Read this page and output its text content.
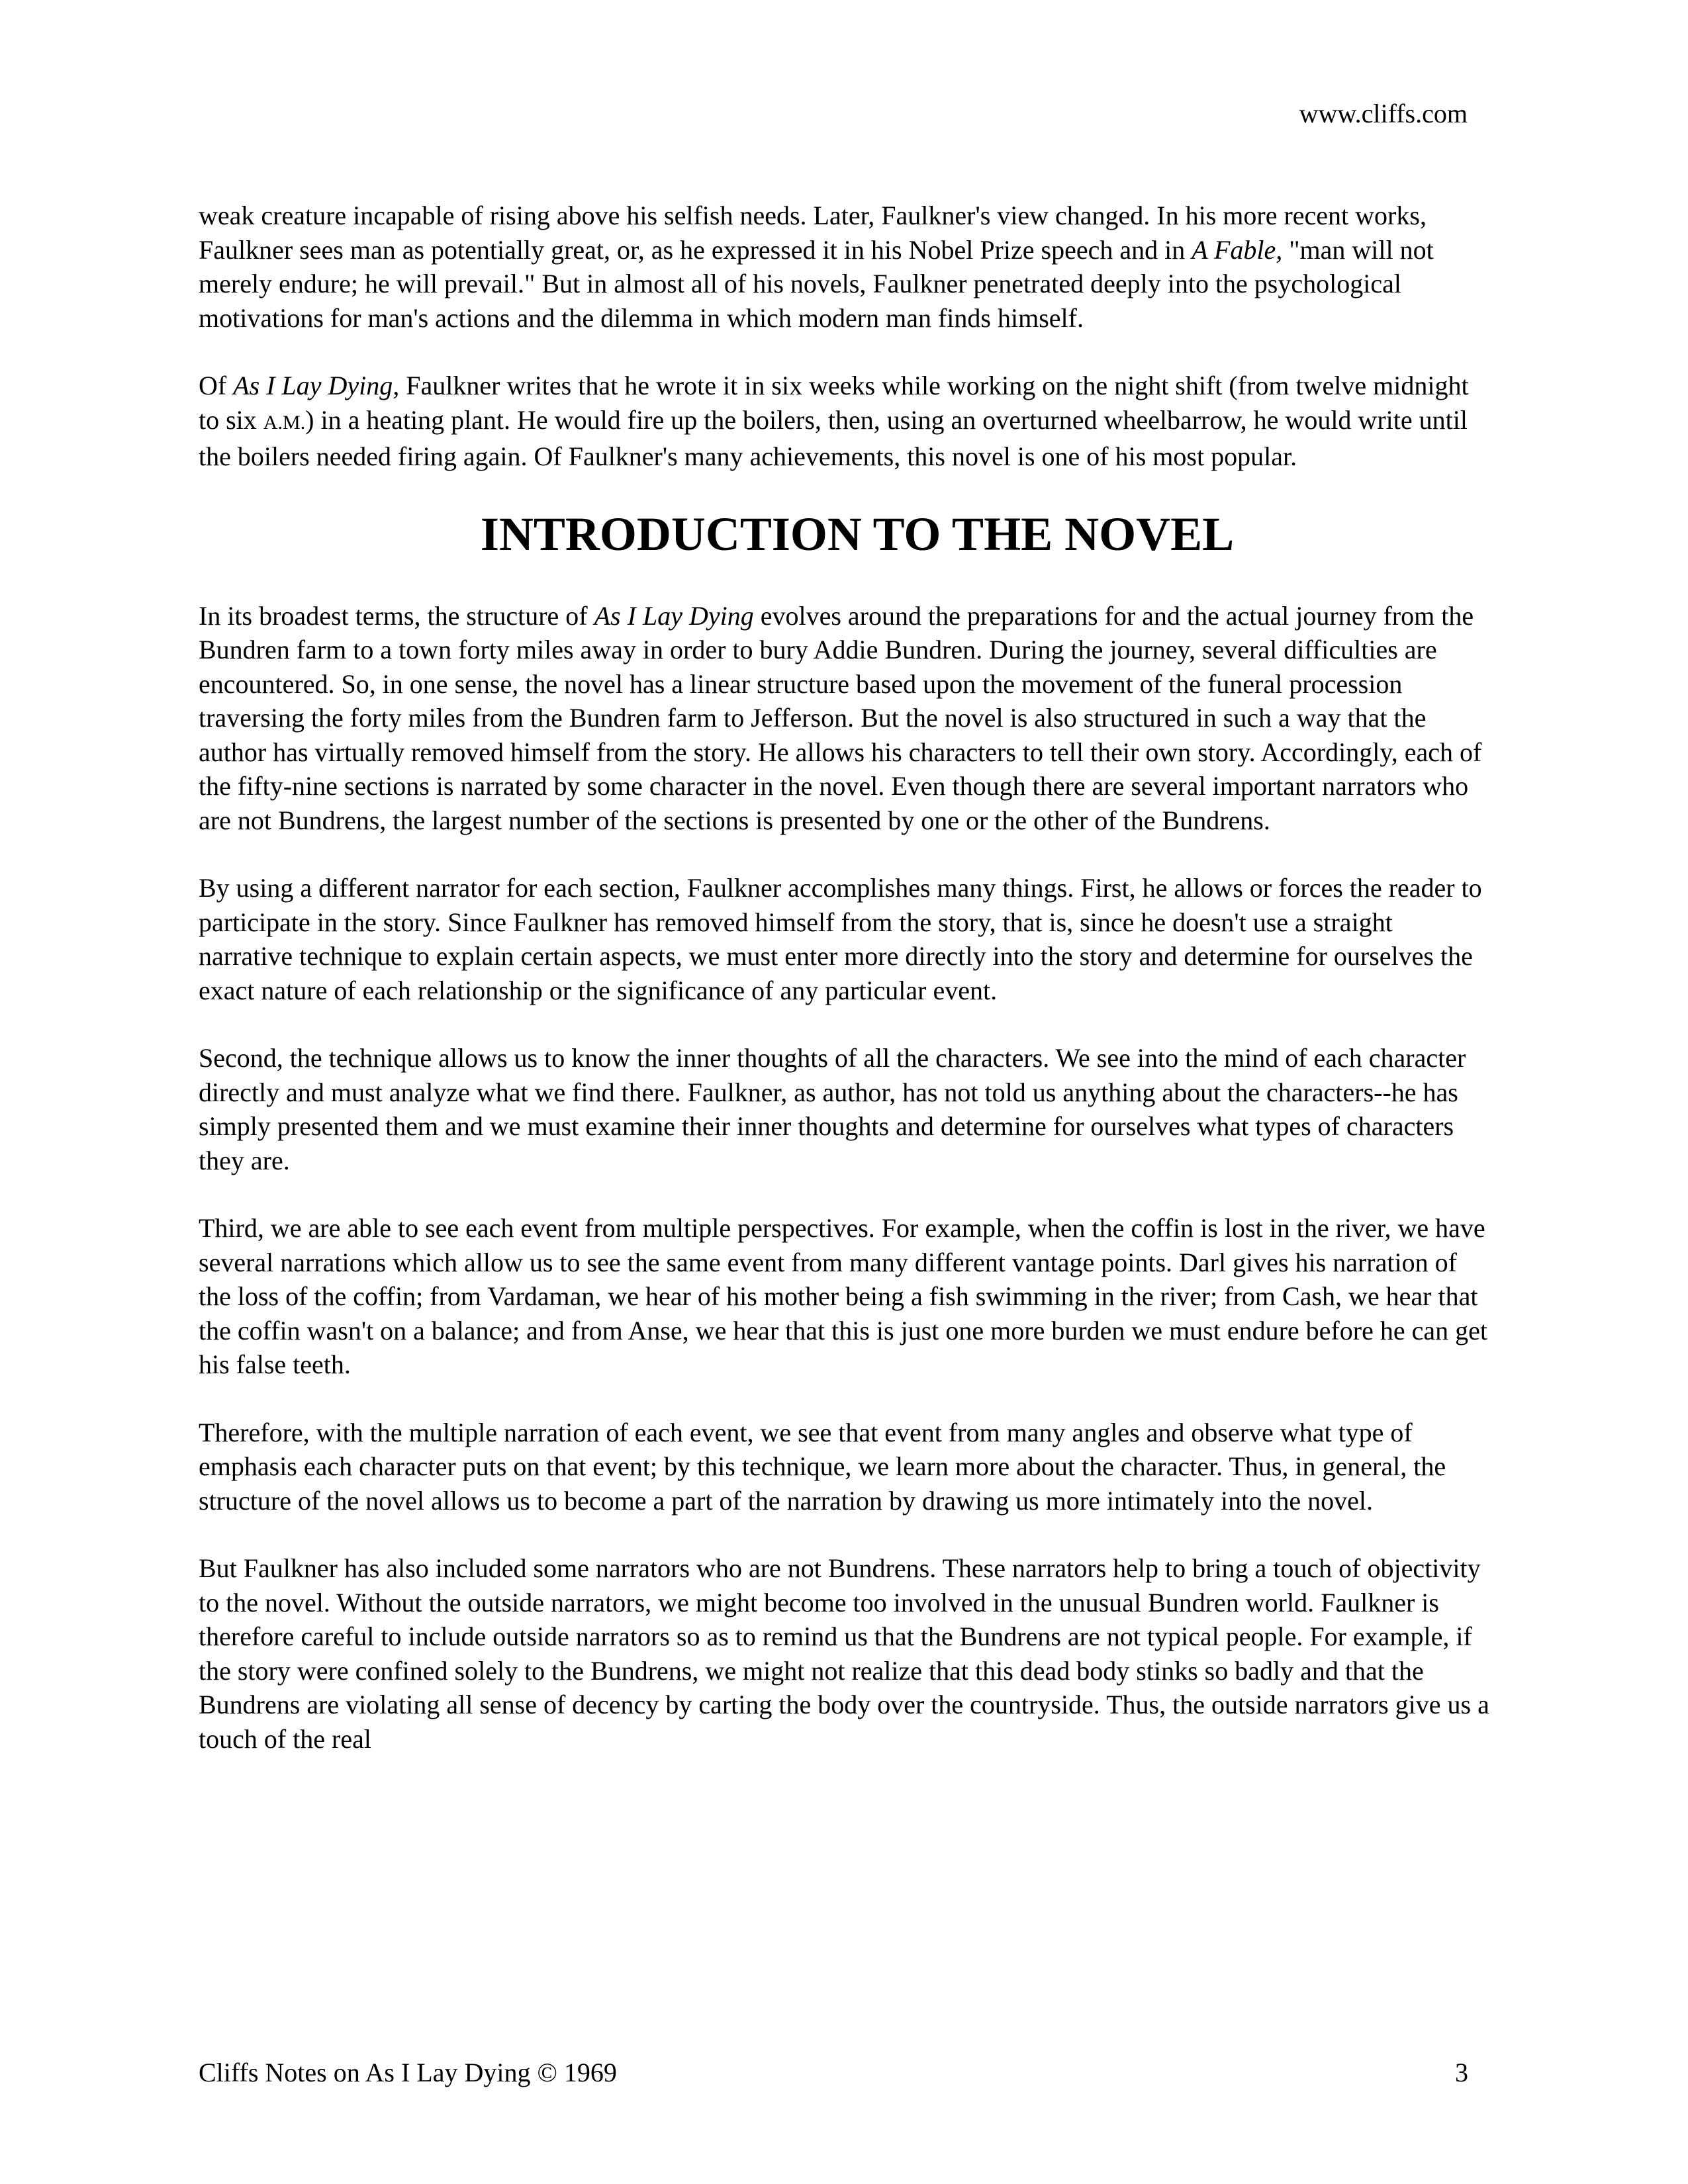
www.cliffs.com

weak creature incapable of rising above his selfish needs. Later, Faulkner's view changed. In his more recent works, Faulkner sees man as potentially great, or, as he expressed it in his Nobel Prize speech and in A Fable, "man will not merely endure; he will prevail." But in almost all of his novels, Faulkner penetrated deeply into the psychological motivations for man's actions and the dilemma in which modern man finds himself.

Of As I Lay Dying, Faulkner writes that he wrote it in six weeks while working on the night shift (from twelve midnight to six A.M.) in a heating plant. He would fire up the boilers, then, using an overturned wheelbarrow, he would write until the boilers needed firing again. Of Faulkner's many achievements, this novel is one of his most popular.

INTRODUCTION TO THE NOVEL

In its broadest terms, the structure of As I Lay Dying evolves around the preparations for and the actual journey from the Bundren farm to a town forty miles away in order to bury Addie Bundren. During the journey, several difficulties are encountered. So, in one sense, the novel has a linear structure based upon the movement of the funeral procession traversing the forty miles from the Bundren farm to Jefferson. But the novel is also structured in such a way that the author has virtually removed himself from the story. He allows his characters to tell their own story. Accordingly, each of the fifty-nine sections is narrated by some character in the novel. Even though there are several important narrators who are not Bundrens, the largest number of the sections is presented by one or the other of the Bundrens.

By using a different narrator for each section, Faulkner accomplishes many things. First, he allows or forces the reader to participate in the story. Since Faulkner has removed himself from the story, that is, since he doesn't use a straight narrative technique to explain certain aspects, we must enter more directly into the story and determine for ourselves the exact nature of each relationship or the significance of any particular event.

Second, the technique allows us to know the inner thoughts of all the characters. We see into the mind of each character directly and must analyze what we find there. Faulkner, as author, has not told us anything about the characters--he has simply presented them and we must examine their inner thoughts and determine for ourselves what types of characters they are.

Third, we are able to see each event from multiple perspectives. For example, when the coffin is lost in the river, we have several narrations which allow us to see the same event from many different vantage points. Darl gives his narration of the loss of the coffin; from Vardaman, we hear of his mother being a fish swimming in the river; from Cash, we hear that the coffin wasn't on a balance; and from Anse, we hear that this is just one more burden we must endure before he can get his false teeth.

Therefore, with the multiple narration of each event, we see that event from many angles and observe what type of emphasis each character puts on that event; by this technique, we learn more about the character. Thus, in general, the structure of the novel allows us to become a part of the narration by drawing us more intimately into the novel.

But Faulkner has also included some narrators who are not Bundrens. These narrators help to bring a touch of objectivity to the novel. Without the outside narrators, we might become too involved in the unusual Bundren world. Faulkner is therefore careful to include outside narrators so as to remind us that the Bundrens are not typical people. For example, if the story were confined solely to the Bundrens, we might not realize that this dead body stinks so badly and that the Bundrens are violating all sense of decency by carting the body over the countryside. Thus, the outside narrators give us a touch of the real

Cliffs Notes on As I Lay Dying © 1969	3
